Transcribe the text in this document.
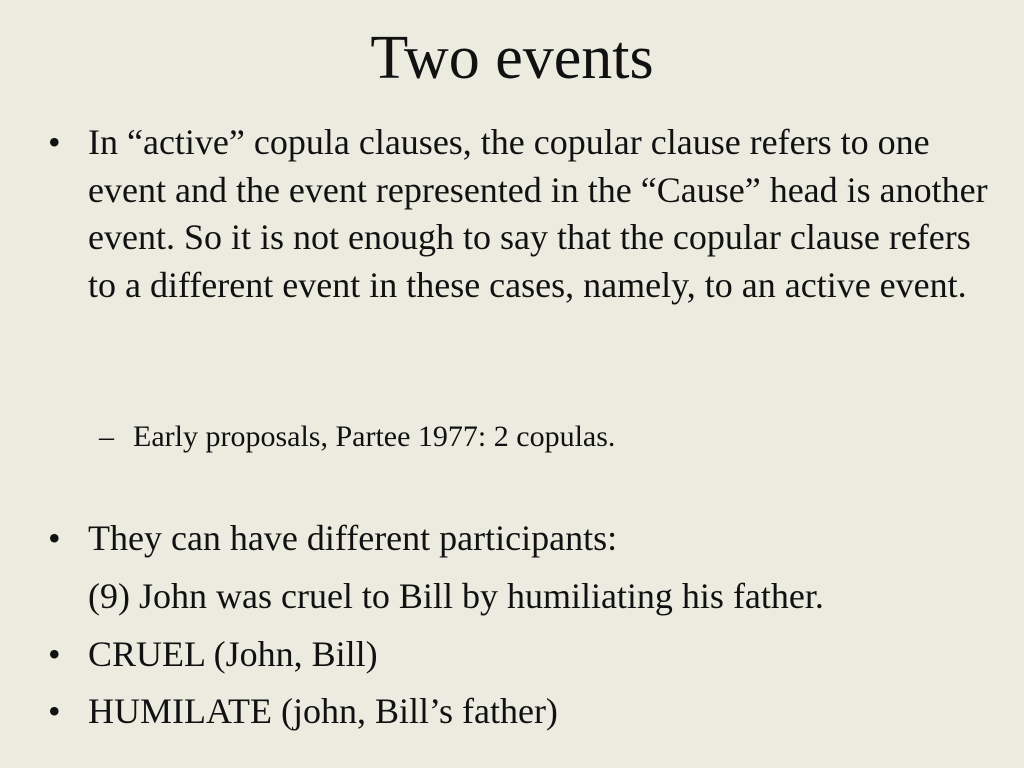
Two events
• In “active” copula clauses, the copular clause refers to one event and the event represented in the “Cause” head is another event. So it is not enough to say that the copular clause refers to a different event in these cases, namely, to an active event.
– Early proposals, Partee 1977: 2 copulas.
• They can have different participants:
(9) John was cruel to Bill by humiliating his father.
• CRUEL (John, Bill)
• HUMILATE (john, Bill’s father)
